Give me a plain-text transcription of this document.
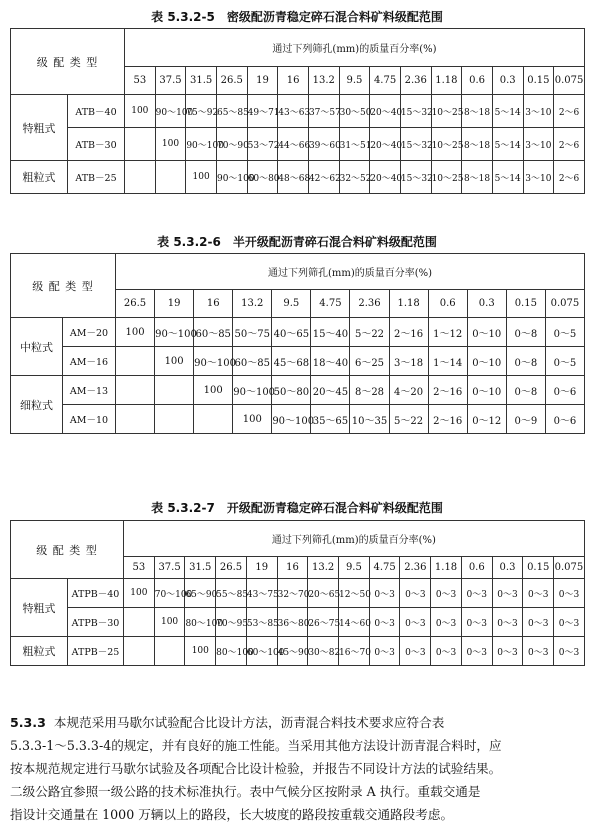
表 5.3.2-5　密级配沥青稳定碎石混合料矿料级配范围
级 配 类 型		通过下列筛孔(mm)的质量百分率(%)														
		53	37.5	31.5	26.5	19	16	13.2	9.5	4.75	2.36	1.18	0.6	0.3	0.15	0.075
特粗式	ATB－40	100	90～100	75～92	65～85	49～71	43～63	37～57	30～50	20～40	15～32	10～25	8～18	5～14	3～10	2～6
	ATB－30		100	90～100	70～90	53～72	44～66	39～60	31～51	20～40	15～32	10～25	8～18	5～14	3～10	2～6
粗粒式	ATB－25			100	90～100	60～80	48～68	42～62	32～52	20～40	15～32	10～25	8～18	5～14	3～10	2～6
表 5.3.2-6　半开级配沥青碎石混合料矿料级配范围
级 配 类 型		通过下列筛孔(mm)的质量百分率(%)											
		26.5	19	16	13.2	9.5	4.75	2.36	1.18	0.6	0.3	0.15	0.075
中粒式	AM－20	100	90～100	60～85	50～75	40～65	15～40	5～22	2～16	1～12	0～10	0～8	0～5
	AM－16		100	90～100	60～85	45～68	18～40	6～25	3～18	1～14	0～10	0～8	0～5
细粒式	AM－13			100	90～100	50～80	20～45	8～28	4～20	2～16	0～10	0～8	0～6
	AM－10				100	90～100	35～65	10～35	5～22	2～16	0～12	0～9	0～6
表 5.3.2-7　开级配沥青稳定碎石混合料矿料级配范围
级 配 类 型		通过下列筛孔(mm)的质量百分率(%)														
		53	37.5	31.5	26.5	19	16	13.2	9.5	4.75	2.36	1.18	0.6	0.3	0.15	0.075
特粗式	ATPB－40	100	70～100	65～90	55～85	43～75	32～70	20～65	12～50	0～3	0～3	0～3	0～3	0～3	0～3	0～3
	ATPB－30		100	80～100	70～95	53～85	36～80	26～75	14～60	0～3	0～3	0～3	0～3	0～3	0～3	0～3
粗粒式	ATPB－25			100	80～100	60～100	45～90	30～82	16～70	0～3	0～3	0～3	0～3	0～3	0～3	0～3

5.3.3 本规范采用马歇尔试验配合比设计方法，沥青混合料技术要求应符合表

5.3.3-1～5.3.3-4的规定，并有良好的施工性能。当采用其他方法设计沥青混合料时，应

按本规范规定进行马歇尔试验及各项配合比设计检验，并报告不同设计方法的试验结果。

二级公路宜参照一级公路的技术标准执行。表中气候分区按附录 A 执行。重载交通是

指设计交通量在 1000 万辆以上的路段，长大坡度的路段按重载交通路段考虑。
